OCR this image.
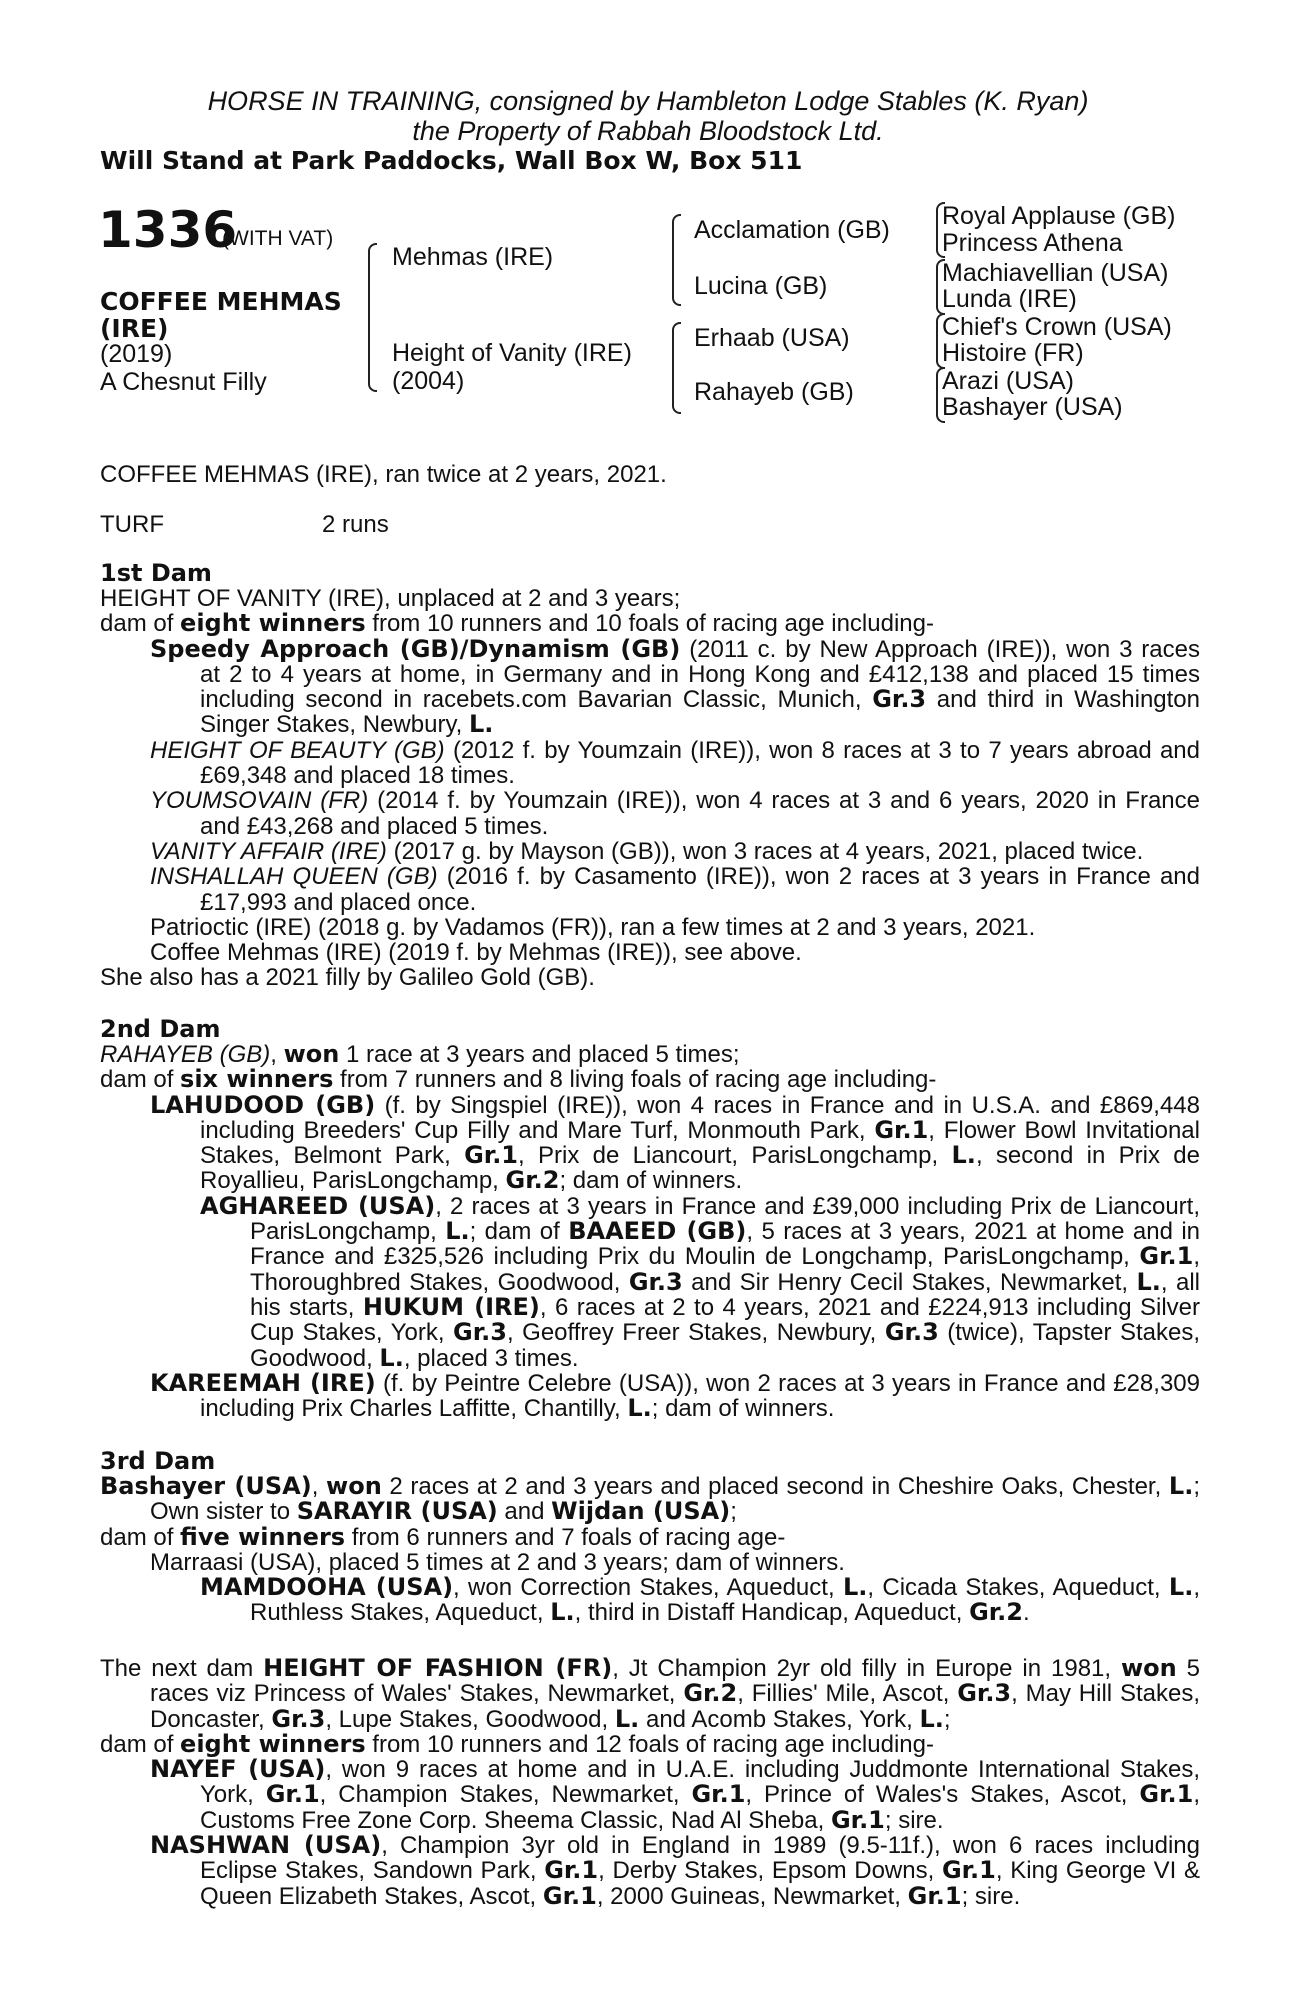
HORSE IN TRAINING, consigned by Hambleton Lodge Stables (K. Ryan)
the Property of Rabbah Bloodstock Ltd.
Will Stand at Park Paddocks, Wall Box W, Box 511
1336
(WITH VAT)
COFFEE MEHMAS (IRE)
(2019)
A Chesnut Filly
Mehmas (IRE)
Height of Vanity (IRE)
(2004)
Acclamation (GB)
Lucina (GB)
Erhaab (USA)
Rahayeb (GB)
Royal Applause (GB)
Princess Athena
Machiavellian (USA)
Lunda (IRE)
Chief's Crown (USA)
Histoire (FR)
Arazi (USA)
Bashayer (USA)
COFFEE MEHMAS (IRE), ran twice at 2 years, 2021.
TURF	2 runs
1st Dam

HEIGHT OF VANITY (IRE), unplaced at 2 and 3 years;

dam of eight winners from 10 runners and 10 foals of racing age including-

Speedy Approach (GB)/Dynamism (GB) (2011 c. by New Approach (IRE)), won 3 races at 2 to 4 years at home, in Germany and in Hong Kong and £412,138 and placed 15 times including second in racebets.com Bavarian Classic, Munich, Gr.3 and third in Washington Singer Stakes, Newbury, L.

HEIGHT OF BEAUTY (GB) (2012 f. by Youmzain (IRE)), won 8 races at 3 to 7 years abroad and £69,348 and placed 18 times.

YOUMSOVAIN (FR) (2014 f. by Youmzain (IRE)), won 4 races at 3 and 6 years, 2020 in France and £43,268 and placed 5 times.

VANITY AFFAIR (IRE) (2017 g. by Mayson (GB)), won 3 races at 4 years, 2021, placed twice.

INSHALLAH QUEEN (GB) (2016 f. by Casamento (IRE)), won 2 races at 3 years in France and £17,993 and placed once.

Patrioctic (IRE) (2018 g. by Vadamos (FR)), ran a few times at 2 and 3 years, 2021.

Coffee Mehmas (IRE) (2019 f. by Mehmas (IRE)), see above.

She also has a 2021 filly by Galileo Gold (GB).

2nd Dam

RAHAYEB (GB), won 1 race at 3 years and placed 5 times;

dam of six winners from 7 runners and 8 living foals of racing age including-

LAHUDOOD (GB) (f. by Singspiel (IRE)), won 4 races in France and in U.S.A. and £869,448 including Breeders' Cup Filly and Mare Turf, Monmouth Park, Gr.1, Flower Bowl Invitational Stakes, Belmont Park, Gr.1, Prix de Liancourt, ParisLongchamp, L., second in Prix de Royallieu, ParisLongchamp, Gr.2; dam of winners.

AGHAREED (USA), 2 races at 3 years in France and £39,000 including Prix de Liancourt, ParisLongchamp, L.; dam of BAAEED (GB), 5 races at 3 years, 2021 at home and in France and £325,526 including Prix du Moulin de Longchamp, ParisLongchamp, Gr.1, Thoroughbred Stakes, Goodwood, Gr.3 and Sir Henry Cecil Stakes, Newmarket, L., all his starts, HUKUM (IRE), 6 races at 2 to 4 years, 2021 and £224,913 including Silver Cup Stakes, York, Gr.3, Geoffrey Freer Stakes, Newbury, Gr.3 (twice), Tapster Stakes, Goodwood, L., placed 3 times.

KAREEMAH (IRE) (f. by Peintre Celebre (USA)), won 2 races at 3 years in France and £28,309 including Prix Charles Laffitte, Chantilly, L.; dam of winners.

3rd Dam

Bashayer (USA), won 2 races at 2 and 3 years and placed second in Cheshire Oaks, Chester, L.; Own sister to SARAYIR (USA) and Wijdan (USA);

dam of five winners from 6 runners and 7 foals of racing age-

Marraasi (USA), placed 5 times at 2 and 3 years; dam of winners.

MAMDOOHA (USA), won Correction Stakes, Aqueduct, L., Cicada Stakes, Aqueduct, L., Ruthless Stakes, Aqueduct, L., third in Distaff Handicap, Aqueduct, Gr.2.

The next dam HEIGHT OF FASHION (FR), Jt Champion 2yr old filly in Europe in 1981, won 5 races viz Princess of Wales' Stakes, Newmarket, Gr.2, Fillies' Mile, Ascot, Gr.3, May Hill Stakes, Doncaster, Gr.3, Lupe Stakes, Goodwood, L. and Acomb Stakes, York, L.;

dam of eight winners from 10 runners and 12 foals of racing age including-

NAYEF (USA), won 9 races at home and in U.A.E. including Juddmonte International Stakes, York, Gr.1, Champion Stakes, Newmarket, Gr.1, Prince of Wales's Stakes, Ascot, Gr.1, Customs Free Zone Corp. Sheema Classic, Nad Al Sheba, Gr.1; sire.

NASHWAN (USA), Champion 3yr old in England in 1989 (9.5-11f.), won 6 races including Eclipse Stakes, Sandown Park, Gr.1, Derby Stakes, Epsom Downs, Gr.1, King George VI & Queen Elizabeth Stakes, Ascot, Gr.1, 2000 Guineas, Newmarket, Gr.1; sire.
